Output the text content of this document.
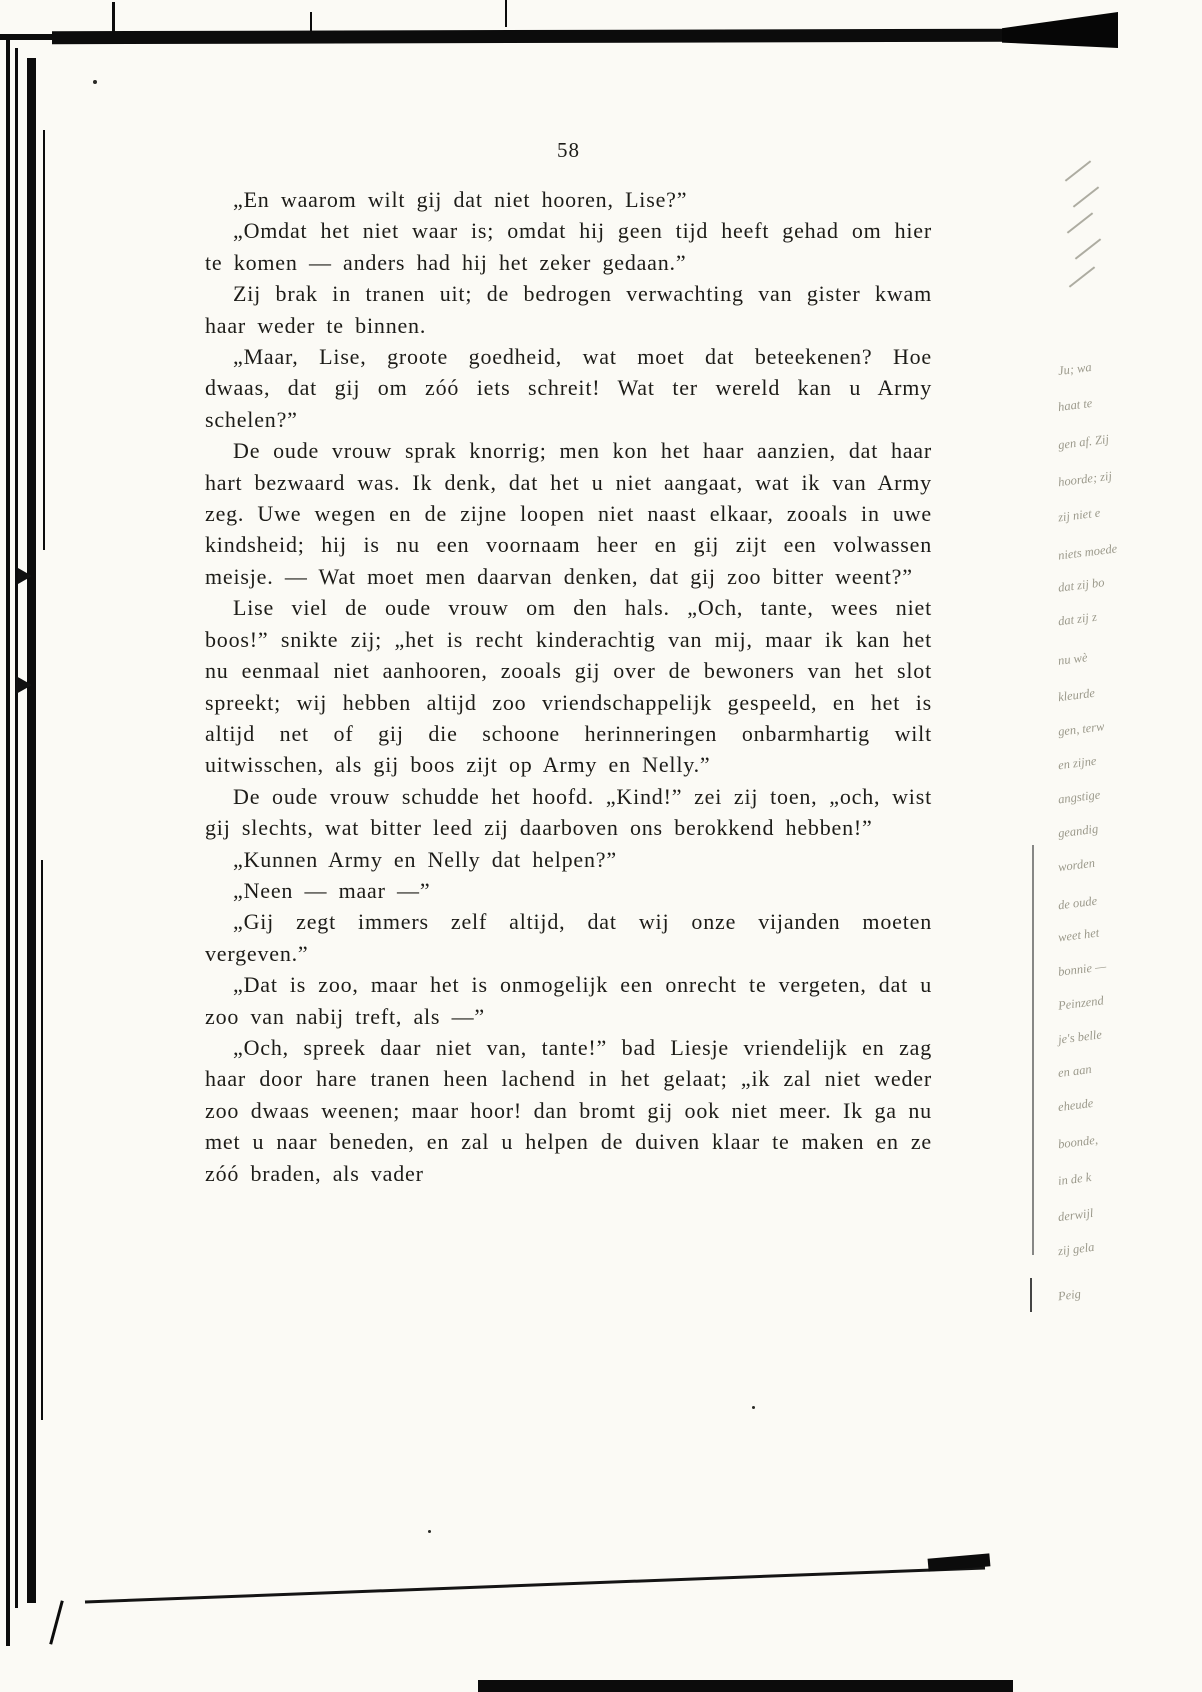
58

„En waarom wilt gij dat niet hooren, Lise?”

„Omdat het niet waar is; omdat hij geen tijd heeft gehad om hier te komen — anders had hij het zeker gedaan.”

Zij brak in tranen uit; de bedrogen verwachting van gister kwam haar weder te binnen.

„Maar, Lise, groote goedheid, wat moet dat beteekenen? Hoe dwaas, dat gij om zóó iets schreit! Wat ter wereld kan u Army schelen?”

De oude vrouw sprak knorrig; men kon het haar aanzien, dat haar hart bezwaard was. Ik denk, dat het u niet aangaat, wat ik van Army zeg. Uwe wegen en de zijne loopen niet naast elkaar, zooals in uwe kindsheid; hij is nu een voornaam heer en gij zijt een volwassen meisje. — Wat moet men daarvan denken, dat gij zoo bitter weent?”

Lise viel de oude vrouw om den hals. „Och, tante, wees niet boos!” snikte zij; „het is recht kinderachtig van mij, maar ik kan het nu eenmaal niet aanhooren, zooals gij over de bewoners van het slot spreekt; wij hebben altijd zoo vriendschappelijk gespeeld, en het is altijd net of gij die schoone herinneringen onbarmhartig wilt uitwisschen, als gij boos zijt op Army en Nelly.”

De oude vrouw schudde het hoofd. „Kind!” zei zij toen, „och, wist gij slechts, wat bitter leed zij daarboven ons berokkend hebben!”

„Kunnen Army en Nelly dat helpen?”

„Neen — maar —”

„Gij zegt immers zelf altijd, dat wij onze vijanden moeten vergeven.”

„Dat is zoo, maar het is onmogelijk een onrecht te vergeten, dat u zoo van nabij treft, als —”

„Och, spreek daar niet van, tante!” bad Liesje vriendelijk en zag haar door hare tranen heen lachend in het gelaat; „ik zal niet weder zoo dwaas weenen; maar hoor! dan bromt gij ook niet meer. Ik ga nu met u naar beneden, en zal u helpen de duiven klaar te maken en ze zóó braden, als vader

Ju; wa
haat te
gen af. Zij
hoorde; zij
zij niet e
niets moede
dat zij bo
dat zij z
nu wè
kleurde
gen, terw
en zijne
angstige
geandig
worden
de oude
weet het
bonnie —
Peinzend
je's belle
en aan
eheude
boonde,
in de k
derwijl
zij gela
Peig
